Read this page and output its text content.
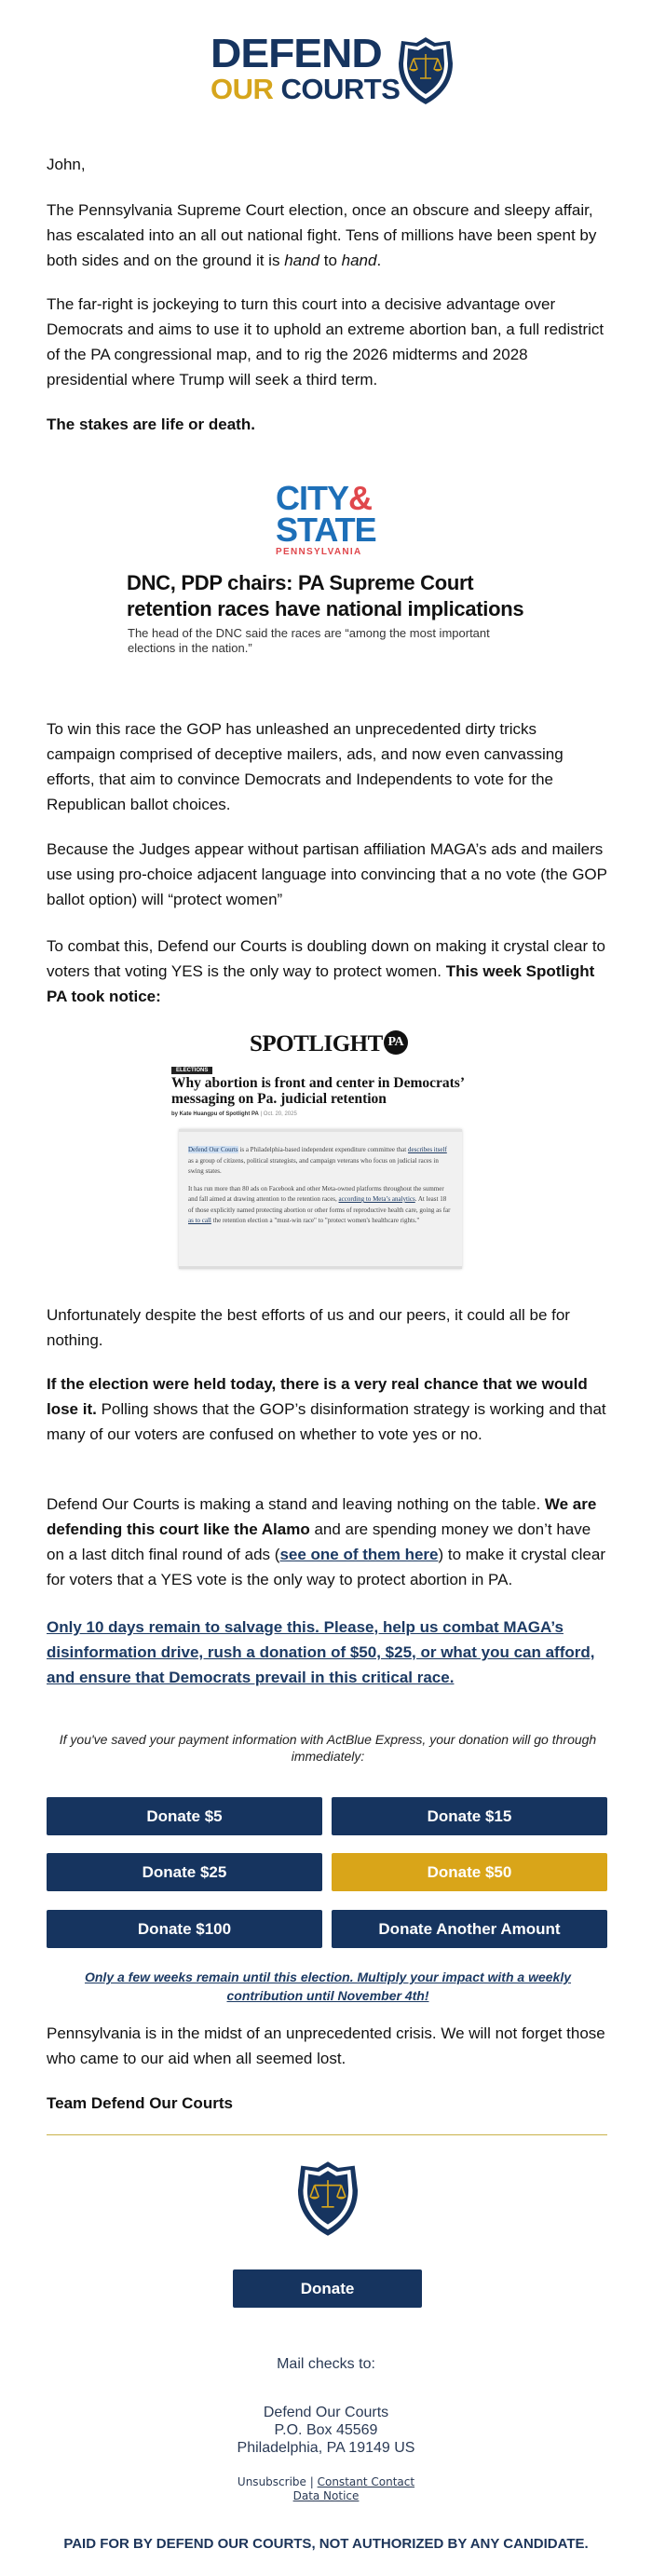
DEFEND
OUR COURTS
John,
The Pennsylvania Supreme Court election, once an obscure and sleepy affair, has escalated into an all out national fight. Tens of millions have been spent by both sides and on the ground it is hand to hand.
The far-right is jockeying to turn this court into a decisive advantage over Democrats and aims to use it to uphold an extreme abortion ban, a full redistrict of the PA congressional map, and to rig the 2026 midterms and 2028 presidential where Trump will seek a third term.
The stakes are life or death.
CITY&
STATE
PENNSYLVANIA
DNC, PDP chairs: PA Supreme Court retention races have national implications
The head of the DNC said the races are “among the most important elections in the nation.”
To win this race the GOP has unleashed an unprecedented dirty tricks campaign comprised of deceptive mailers, ads, and now even canvassing efforts, that aim to convince Democrats and Independents to vote for the Republican ballot choices.
Because the Judges appear without partisan affiliation MAGA’s ads and mailers use using pro-choice adjacent language into convincing that a no vote (the GOP ballot option) will “protect women”
To combat this, Defend our Courts is doubling down on making it crystal clear to voters that voting YES is the only way to protect women. This week Spotlight PA took notice:
SPOTLIGHT PA
ELECTIONS
Why abortion is front and center in Democrats’ messaging on Pa. judicial retention
by Kate Huangpu of Spotlight PA | Oct. 20, 2025

Defend Our Courts is a Philadelphia-based independent expenditure committee that describes itself as a group of citizens, political strategists, and campaign veterans who focus on judicial races in swing states.

It has run more than 80 ads on Facebook and other Meta-owned platforms throughout the summer and fall aimed at drawing attention to the retention races, according to Meta’s analytics. At least 18 of those explicitly named protecting abortion or other forms of reproductive health care, going as far as to call the retention election a "must-win race" to "protect women's healthcare rights."

Unfortunately despite the best efforts of us and our peers, it could all be for nothing.
If the election were held today, there is a very real chance that we would lose it. Polling shows that the GOP’s disinformation strategy is working and that many of our voters are confused on whether to vote yes or no.
Defend Our Courts is making a stand and leaving nothing on the table. We are defending this court like the Alamo and are spending money we don’t have on a last ditch final round of ads (see one of them here) to make it crystal clear for voters that a YES vote is the only way to protect abortion in PA.
Only 10 days remain to salvage this. Please, help us combat MAGA’s disinformation drive, rush a donation of $50, $25, or what you can afford, and ensure that Democrats prevail in this critical race.
If you've saved your payment information with ActBlue Express, your donation will go through immediately:
Donate $5	Donate $15
Donate $25	Donate $50
Donate $100	Donate Another Amount
Only a few weeks remain until this election. Multiply your impact with a weekly contribution until November 4th!
Pennsylvania is in the midst of an unprecedented crisis. We will not forget those who came to our aid when all seemed lost.
Team Defend Our Courts
Donate
Mail checks to:
Defend Our Courts
P.O. Box 45569
Philadelphia, PA 19149 US
Unsubscribe | Constant Contact
Data Notice
PAID FOR BY DEFEND OUR COURTS, NOT AUTHORIZED BY ANY CANDIDATE.
